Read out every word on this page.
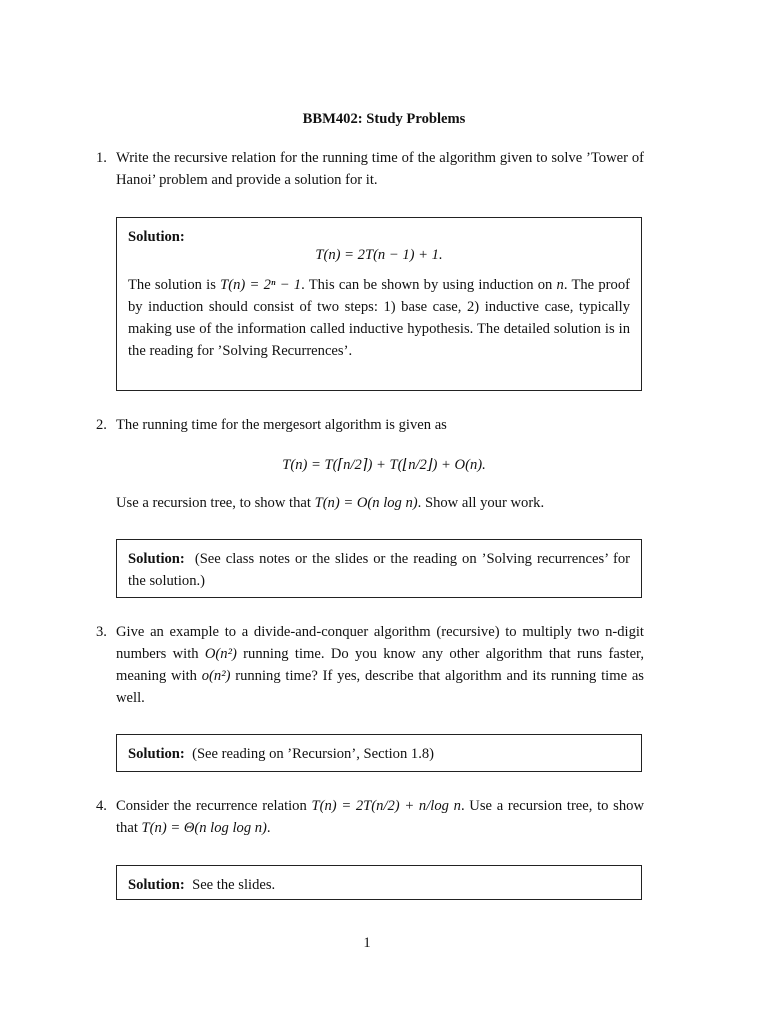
BBM402: Study Problems
1. Write the recursive relation for the running time of the algorithm given to solve ’Tower of Hanoi’ problem and provide a solution for it.
Solution:
T(n) = 2T(n − 1) + 1.
The solution is T(n) = 2ⁿ − 1. This can be shown by using induction on n. The proof by induction should consist of two steps: 1) base case, 2) inductive case, typically making use of the information called inductive hypothesis. The detailed solution is in the reading for ’Solving Recurrences’.
2. The running time for the mergesort algorithm is given as
T(n) = T(⌈n/2⌉) + T(⌊n/2⌋) + O(n).
Use a recursion tree, to show that T(n) = O(n log n). Show all your work.
Solution: (See class notes or the slides or the reading on ’Solving recurrences’ for the solution.)
3. Give an example to a divide-and-conquer algorithm (recursive) to multiply two n-digit numbers with O(n²) running time. Do you know any other algorithm that runs faster, meaning with o(n²) running time? If yes, describe that algorithm and its running time as well.
Solution: (See reading on ’Recursion’, Section 1.8)
4. Consider the recurrence relation T(n) = 2T(n/2) + n/log n. Use a recursion tree, to show that T(n) = Θ(n log log n).
Solution: See the slides.
1
